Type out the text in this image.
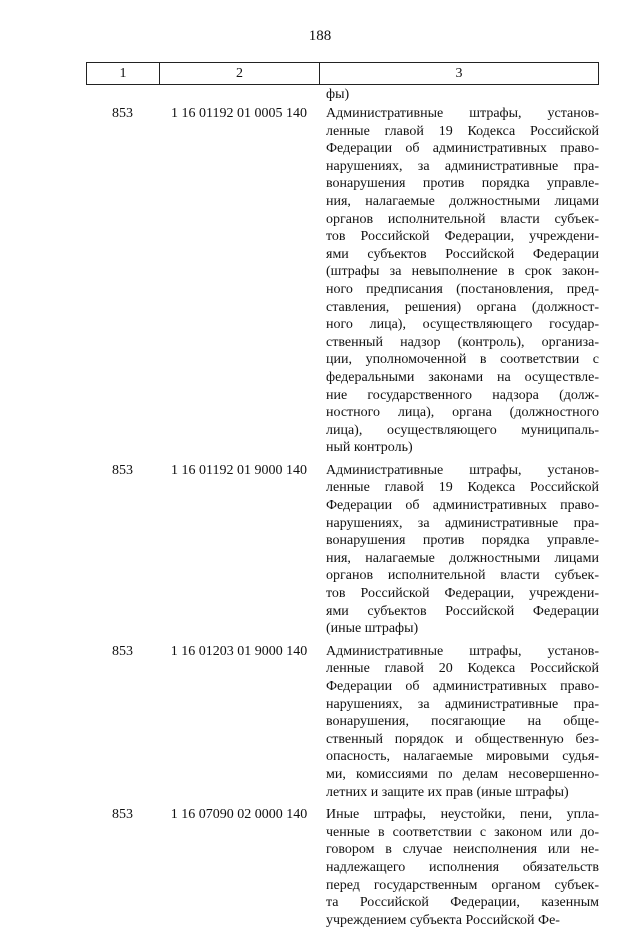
188
1	2	3
фы)
853	1 16 01192 01 0005 140	Административные штрафы, установ-
ленные главой 19 Кодекса Российской
Федерации об административных право-
нарушениях, за административные пра-
вонарушения против порядка управле-
ния, налагаемые должностными лицами
органов исполнительной власти субъек-
тов Российской Федерации, учреждени-
ями субъектов Российской Федерации
(штрафы за невыполнение в срок закон-
ного предписания (постановления, пред-
ставления, решения) органа (должност-
ного лица), осуществляющего государ-
ственный надзор (контроль), организа-
ции, уполномоченной в соответствии с
федеральными законами на осуществле-
ние государственного надзора (долж-
ностного лица), органа (должностного
лица), осуществляющего муниципаль-
ный контроль)
853	1 16 01192 01 9000 140	Административные штрафы, установ-
ленные главой 19 Кодекса Российской
Федерации об административных право-
нарушениях, за административные пра-
вонарушения против порядка управле-
ния, налагаемые должностными лицами
органов исполнительной власти субъек-
тов Российской Федерации, учреждени-
ями субъектов Российской Федерации
(иные штрафы)
853	1 16 01203 01 9000 140	Административные штрафы, установ-
ленные главой 20 Кодекса Российской
Федерации об административных право-
нарушениях, за административные пра-
вонарушения, посягающие на обще-
ственный порядок и общественную без-
опасность, налагаемые мировыми судья-
ми, комиссиями по делам несовершенно-
летних и защите их прав (иные штрафы)
853	1 16 07090 02 0000 140	Иные штрафы, неустойки, пени, упла-
ченные в соответствии с законом или до-
говором в случае неисполнения или не-
надлежащего исполнения обязательств
перед государственным органом субъек-
та Российской Федерации, казенным
учреждением субъекта Российской Фе-
